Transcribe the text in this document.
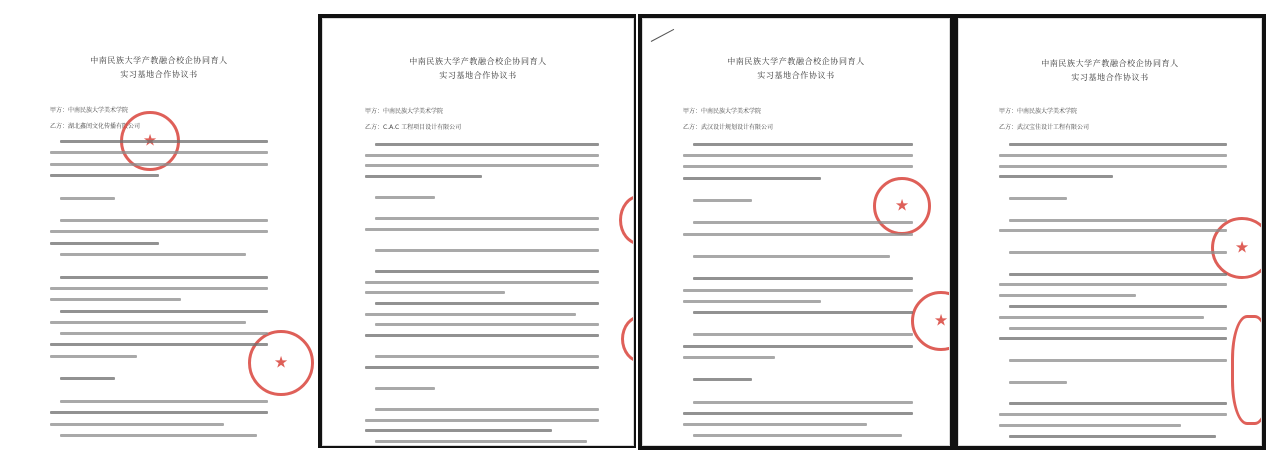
中南民族大学产教融合校企协同育人
实习基地合作协议书
甲方：中南民族大学美术学院
乙方：湖北鑫闰文化传播有限公司
★
中南民族大学产教融合校企协同育人
实习基地合作协议书
甲方：中南民族大学美术学院
乙方：C.A.C 工程项目设计有限公司
中南民族大学产教融合校企协同育人
实习基地合作协议书
甲方：中南民族大学美术学院
乙方：武汉设计规划设计有限公司
★
★
中南民族大学产教融合校企协同育人
实习基地合作协议书
甲方：中南民族大学美术学院
乙方：武汉宝佳设计工程有限公司
★
